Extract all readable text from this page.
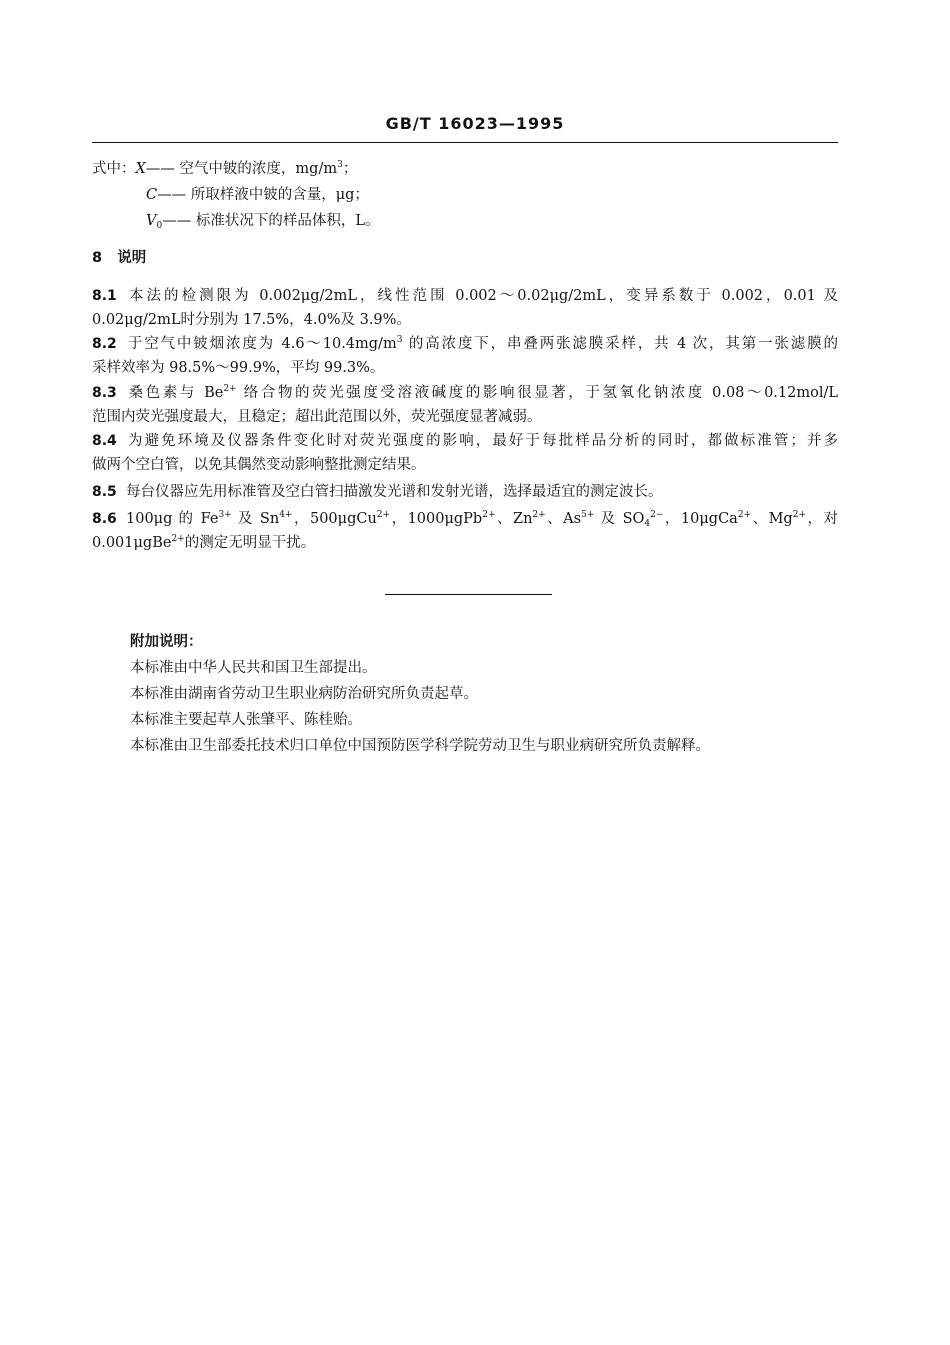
GB/T 16023—1995
式中：X—— 空气中铍的浓度，$mg/m^3$；
C—— 所取样液中铍的含量，μg；
$V_0——$ 标准状况下的样品体积，L。
8 说明
8.1 本法的检测限为 0.002μg/2mL，线性范围 0.002～0.02μg/2mL，变异系数于 0.002，0.01 及
0.02μg/2mL时分别为 17.5%，4.0%及 3.9%。
8.2 于空气中铍烟浓度为 $4.6\sim 10.4mg/m^3$ 的高浓度下，串叠两张滤膜采样，共 4 次，其第一张滤膜的
采样效率为 98.5%～99.9%，平均 99.3%。
8.3 桑色素与 $Be^{2+}$ 络合物的荧光强度受溶液碱度的影响很显著，于氢氧化钠浓度 0.08～0.12mol/L
范围内荧光强度最大，且稳定；超出此范围以外，荧光强度显著减弱。
8.4 为避免环境及仪器条件变化时对荧光强度的影响，最好于每批样品分析的同时，都做标准管；并多
做两个空白管，以免其偶然变动影响整批测定结果。
8.5 每台仪器应先用标准管及空白管扫描激发光谱和发射光谱，选择最适宜的测定波长。
8.6 100μg 的 $Fe^{3+}$ 及 $Sn^{4+}$，500μgCu$^{2+}$，1000μgPb$^{2+}$、$Zn^{2+}$、$As^{5+}$ 及 $SO_4^{2-}$，10μgCa$^{2+}$、$Mg^{2+}$，对
0.001μgBe$^{2+}$的测定无明显干扰。
附加说明：
本标准由中华人民共和国卫生部提出。
本标准由湖南省劳动卫生职业病防治研究所负责起草。
本标准主要起草人张肇平、陈桂贻。
本标准由卫生部委托技术归口单位中国预防医学科学院劳动卫生与职业病研究所负责解释。
